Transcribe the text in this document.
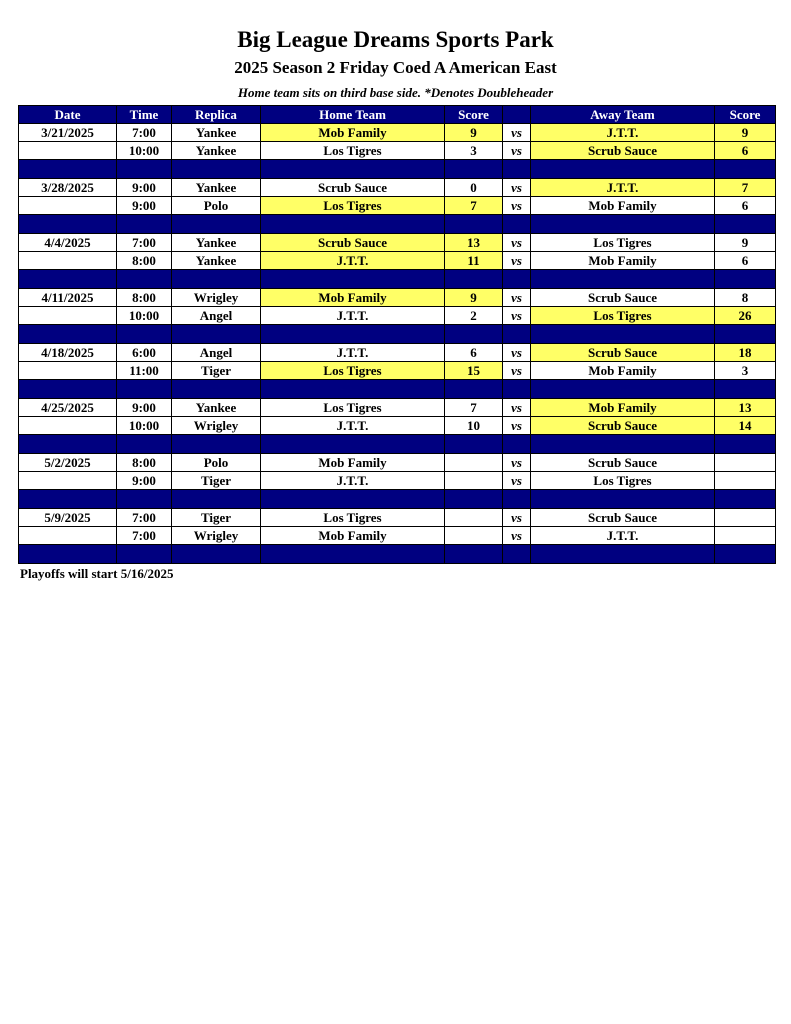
Big League Dreams Sports Park
2025 Season 2 Friday Coed A American East
Home team sits on third base side. *Denotes Doubleheader
Date	Time	Replica	Home Team	Score		Away Team	Score
3/21/2025	7:00	Yankee	Mob Family	9	vs	J.T.T.	9
	10:00	Yankee	Los Tigres	3	vs	Scrub Sauce	6

3/28/2025	9:00	Yankee	Scrub Sauce	0	vs	J.T.T.	7
	9:00	Polo	Los Tigres	7	vs	Mob Family	6

4/4/2025	7:00	Yankee	Scrub Sauce	13	vs	Los Tigres	9
	8:00	Yankee	J.T.T.	11	vs	Mob Family	6

4/11/2025	8:00	Wrigley	Mob Family	9	vs	Scrub Sauce	8
	10:00	Angel	J.T.T.	2	vs	Los Tigres	26

4/18/2025	6:00	Angel	J.T.T.	6	vs	Scrub Sauce	18
	11:00	Tiger	Los Tigres	15	vs	Mob Family	3

4/25/2025	9:00	Yankee	Los Tigres	7	vs	Mob Family	13
	10:00	Wrigley	J.T.T.	10	vs	Scrub Sauce	14

5/2/2025	8:00	Polo	Mob Family		vs	Scrub Sauce	
	9:00	Tiger	J.T.T.		vs	Los Tigres	

5/9/2025	7:00	Tiger	Los Tigres		vs	Scrub Sauce	
	7:00	Wrigley	Mob Family		vs	J.T.T.	

Playoffs will start 5/16/2025
